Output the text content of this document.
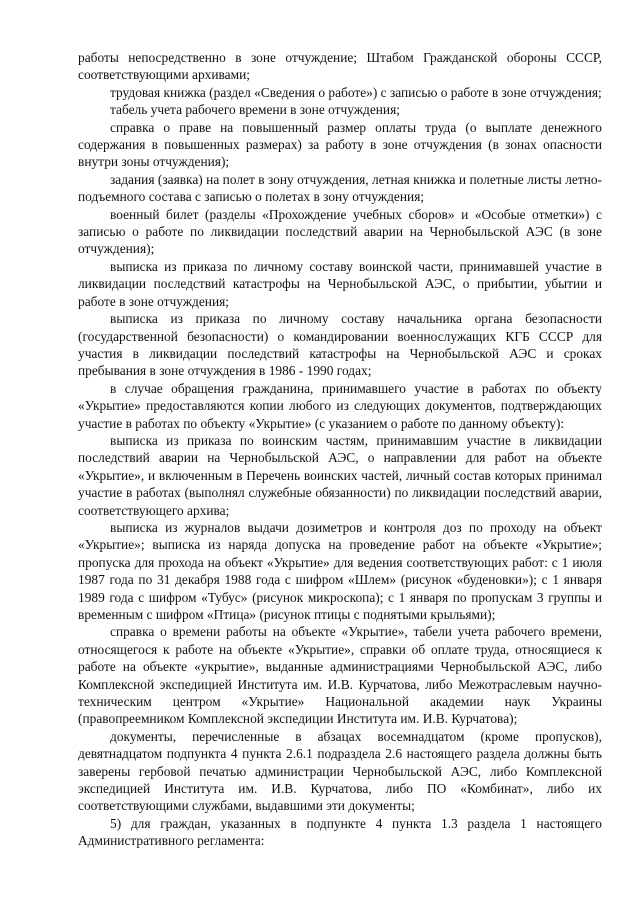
работы непосредственно в зоне отчуждение; Штабом Гражданской обороны СССР, соответствующими архивами;

трудовая книжка (раздел «Сведения о работе») с записью о работе в зоне отчуждения;

табель учета рабочего времени в зоне отчуждения;

справка о праве на повышенный размер оплаты труда (о выплате денежного содержания в повышенных размерах) за работу в зоне отчуждения (в зонах опасности внутри зоны отчуждения);

задания (заявка) на полет в зону отчуждения, летная книжка и полетные листы летно-подъемного состава с записью о полетах в зону отчуждения;

военный билет (разделы «Прохождение учебных сборов» и «Особые отметки») с записью о работе по ликвидации последствий аварии на Чернобыльской АЭС (в зоне отчуждения);

выписка из приказа по личному составу воинской части, принимавшей участие в ликвидации последствий катастрофы на Чернобыльской АЭС, о прибытии, убытии и работе в зоне отчуждения;

выписка из приказа по личному составу начальника органа безопасности (государственной безопасности) о командировании военнослужащих КГБ СССР для участия в ликвидации последствий катастрофы на Чернобыльской АЭС и сроках пребывания в зоне отчуждения в 1986 - 1990 годах;

в случае обращения гражданина, принимавшего участие в работах по объекту «Укрытие» предоставляются копии любого из следующих документов, подтверждающих участие в работах по объекту «Укрытие» (с указанием о работе по данному объекту):

выписка из приказа по воинским частям, принимавшим участие в ликвидации последствий аварии на Чернобыльской АЭС, о направлении для работ на объекте «Укрытие», и включенным в Перечень воинских частей, личный состав которых принимал участие в работах (выполнял служебные обязанности) по ликвидации последствий аварии, соответствующего архива;

выписка из журналов выдачи дозиметров и контроля доз по проходу на объект «Укрытие»; выписка из наряда допуска на проведение работ на объекте «Укрытие»; пропуска для прохода на объект «Укрытие» для ведения соответствующих работ: с 1 июля 1987 года по 31 декабря 1988 года с шифром «Шлем» (рисунок «буденовки»); с 1 января 1989 года с шифром «Тубус» (рисунок микроскопа); с 1 января по пропускам 3 группы и временным с шифром «Птица» (рисунок птицы с поднятыми крыльями);

справка о времени работы на объекте «Укрытие», табели учета рабочего времени, относящегося к работе на объекте «Укрытие», справки об оплате труда, относящиеся к работе на объекте «укрытие», выданные администрациями Чернобыльской АЭС, либо Комплексной экспедицией Института им. И.В. Курчатова, либо Межотраслевым научно-техническим центром «Укрытие» Национальной академии наук Украины (правопреемником Комплексной экспедиции Института им. И.В. Курчатова);

документы, перечисленные в абзацах восемнадцатом (кроме пропусков), девятнадцатом подпункта 4 пункта 2.6.1 подраздела 2.6 настоящего раздела должны быть заверены гербовой печатью администрации Чернобыльской АЭС, либо Комплексной экспедицией Института им. И.В. Курчатова, либо ПО «Комбинат», либо их соответствующими службами, выдавшими эти документы;

5) для граждан, указанных в подпункте 4 пункта 1.3 раздела 1 настоящего Административного регламента:
